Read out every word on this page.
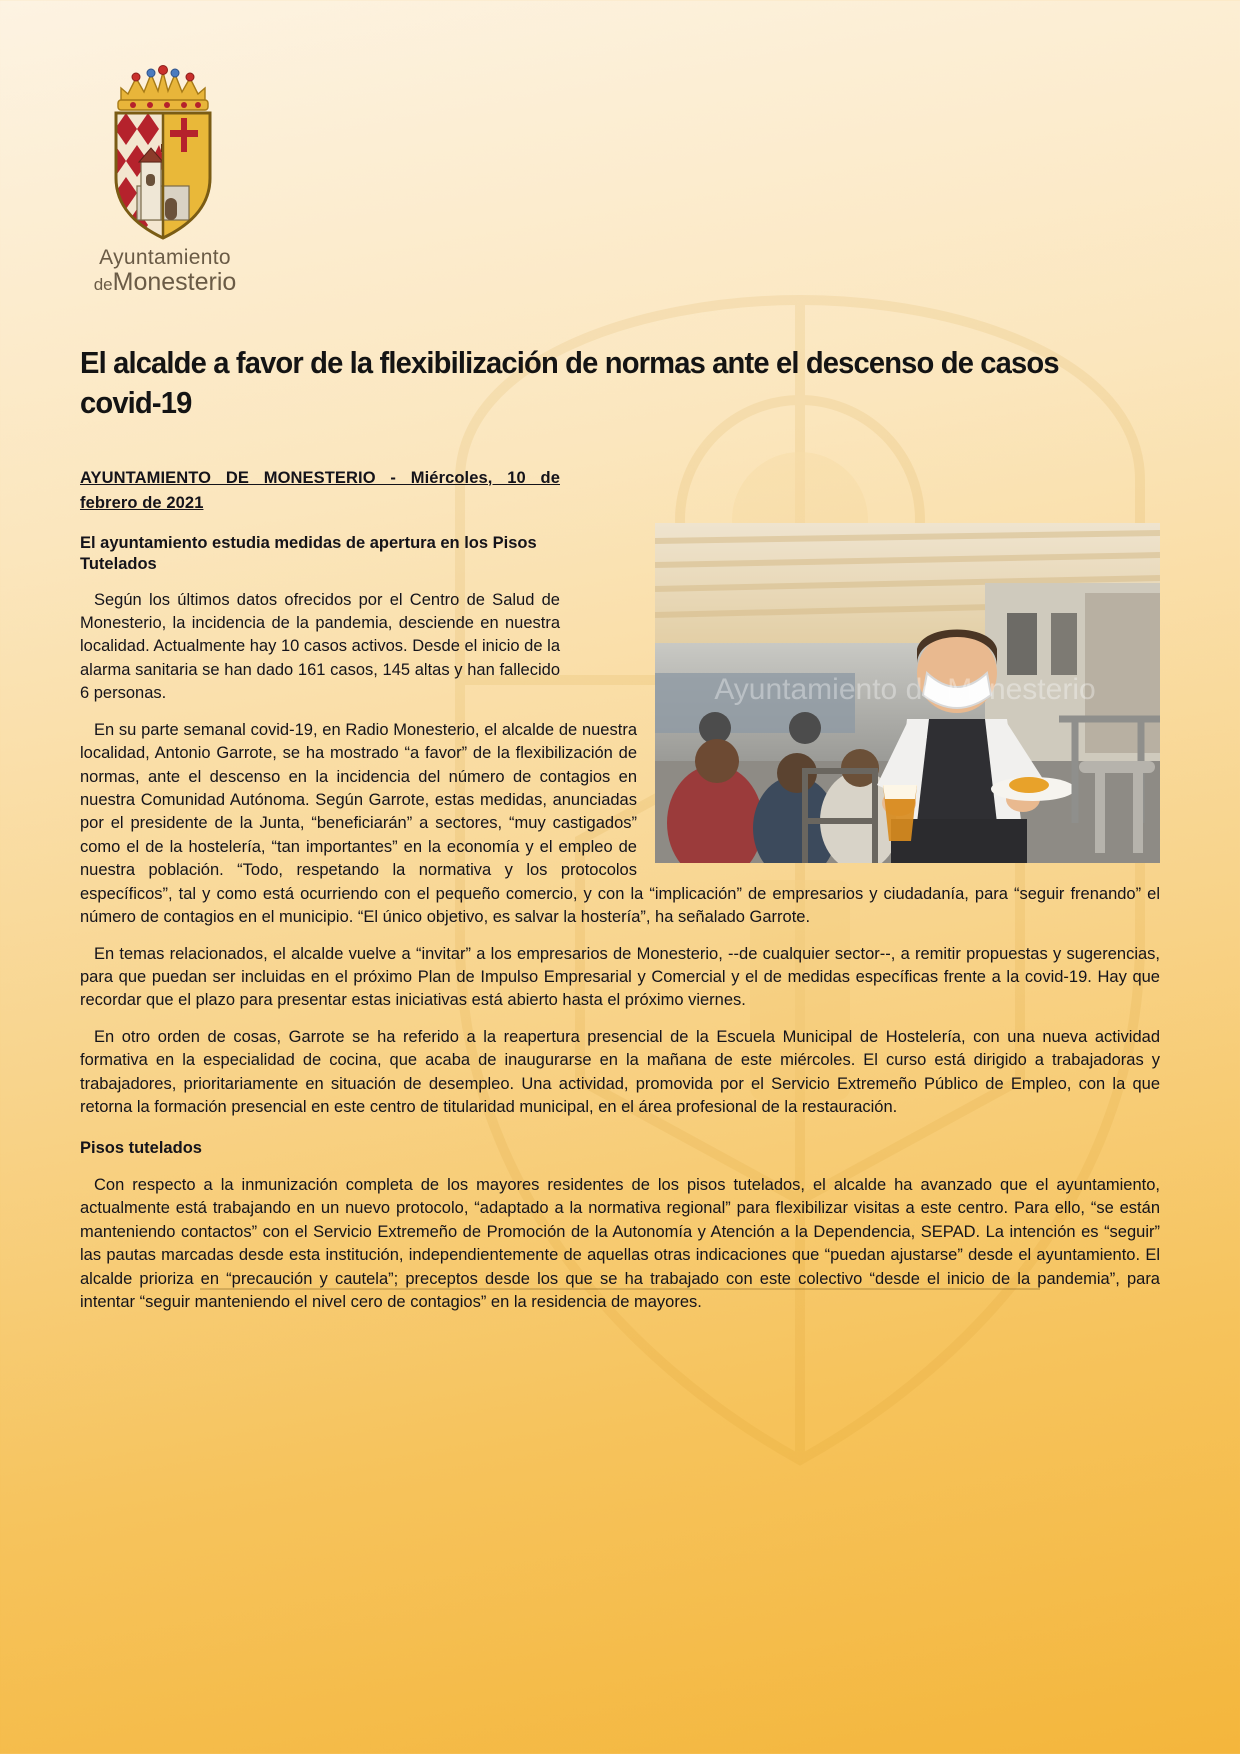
Ayuntamiento
deMonesterio
El alcalde a favor de la flexibilización de normas ante el descenso de casos covid-19
AYUNTAMIENTO DE MONESTERIO - Miércoles, 10 de febrero de 2021
Ayuntamiento de Monesterio
El ayuntamiento estudia medidas de apertura en los Pisos Tutelados

Según los últimos datos ofrecidos por el Centro de Salud de Monesterio, la incidencia de la pandemia, desciende en nuestra localidad. Actualmente hay 10 casos activos. Desde el inicio de la alarma sanitaria se han dado 161 casos, 145 altas y han fallecido 6 personas.

En su parte semanal covid-19, en Radio Monesterio, el alcalde de nuestra localidad, Antonio Garrote, se ha mostrado “a favor” de la flexibilización de normas, ante el descenso en la incidencia del número de contagios en nuestra Comunidad Autónoma. Según Garrote, estas medidas, anunciadas por el presidente de la Junta, “beneficiarán” a sectores, “muy castigados” como el de la hostelería, “tan importantes” en la economía y el empleo de nuestra población. “Todo, respetando la normativa y los protocolos específicos”, tal y como está ocurriendo con el pequeño comercio, y con la “implicación” de empresarios y ciudadanía, para “seguir frenando” el número de contagios en el municipio. “El único objetivo, es salvar la hostería”, ha señalado Garrote.

En temas relacionados, el alcalde vuelve a “invitar” a los empresarios de Monesterio, --de cualquier sector--, a remitir propuestas y sugerencias, para que puedan ser incluidas en el próximo Plan de Impulso Empresarial y Comercial y el de medidas específicas frente a la covid-19. Hay que recordar que el plazo para presentar estas iniciativas está abierto hasta el próximo viernes.

En otro orden de cosas, Garrote se ha referido a la reapertura presencial de la Escuela Municipal de Hostelería, con una nueva actividad formativa en la especialidad de cocina, que acaba de inaugurarse en la mañana de este miércoles. El curso está dirigido a trabajadoras y trabajadores, prioritariamente en situación de desempleo. Una actividad, promovida por el Servicio Extremeño Público de Empleo, con la que retorna la formación presencial en este centro de titularidad municipal, en el área profesional de la restauración.

Pisos tutelados

Con respecto a la inmunización completa de los mayores residentes de los pisos tutelados, el alcalde ha avanzado que el ayuntamiento, actualmente está trabajando en un nuevo protocolo, “adaptado a la normativa regional” para flexibilizar visitas a este centro. Para ello, “se están manteniendo contactos” con el Servicio Extremeño de Promoción de la Autonomía y Atención a la Dependencia, SEPAD. La intención es “seguir” las pautas marcadas desde esta institución, independientemente de aquellas otras indicaciones que “puedan ajustarse” desde el ayuntamiento. El alcalde prioriza en “precaución y cautela”; preceptos desde los que se ha trabajado con este colectivo “desde el inicio de la pandemia”, para intentar “seguir manteniendo el nivel cero de contagios” en la residencia de mayores.
